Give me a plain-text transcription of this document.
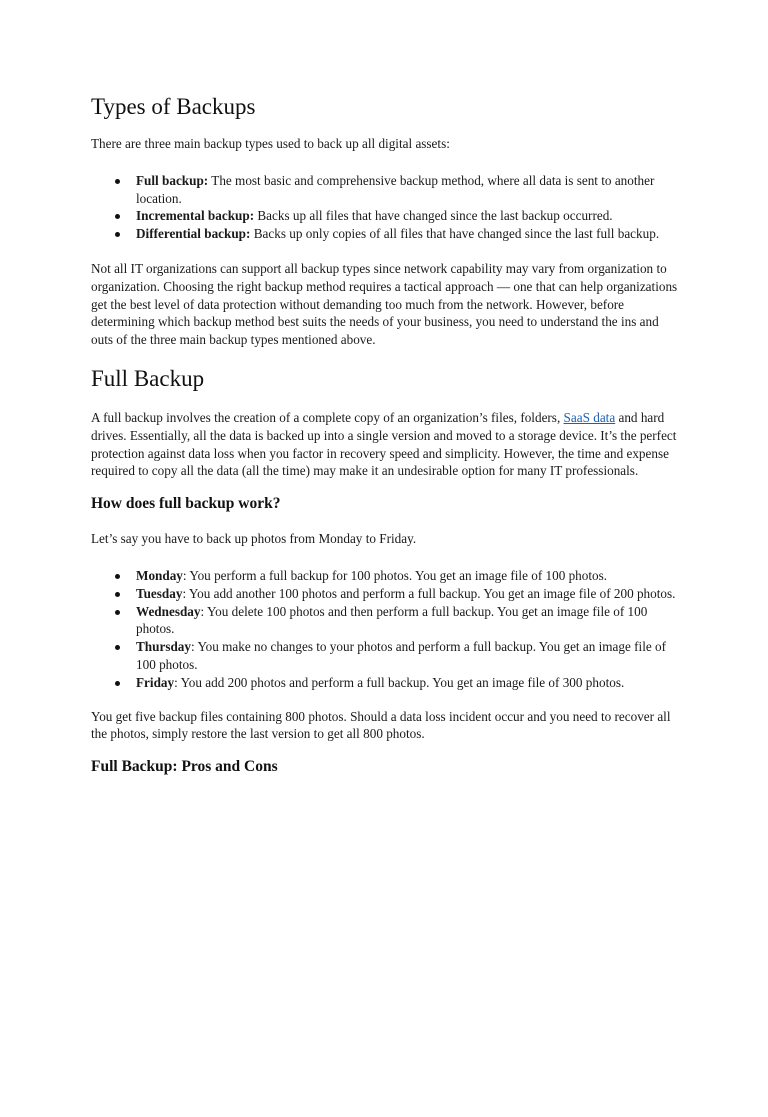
Types of Backups

There are three main backup types used to back up all digital assets:

Full backup: The most basic and comprehensive backup method, where all data is sent to another location.
Incremental backup: Backs up all files that have changed since the last backup occurred.
Differential backup: Backs up only copies of all files that have changed since the last full backup.

Not all IT organizations can support all backup types since network capability may vary from organization to organization. Choosing the right backup method requires a tactical approach — one that can help organizations get the best level of data protection without demanding too much from the network. However, before determining which backup method best suits the needs of your business, you need to understand the ins and outs of the three main backup types mentioned above.

Full Backup

A full backup involves the creation of a complete copy of an organization’s files, folders, SaaS data and hard drives. Essentially, all the data is backed up into a single version and moved to a storage device. It’s the perfect protection against data loss when you factor in recovery speed and simplicity. However, the time and expense required to copy all the data (all the time) may make it an undesirable option for many IT professionals.

How does full backup work?

Let’s say you have to back up photos from Monday to Friday.

Monday: You perform a full backup for 100 photos. You get an image file of 100 photos.
Tuesday: You add another 100 photos and perform a full backup. You get an image file of 200 photos.
Wednesday: You delete 100 photos and then perform a full backup. You get an image file of 100 photos.
Thursday: You make no changes to your photos and perform a full backup. You get an image file of 100 photos.
Friday: You add 200 photos and perform a full backup. You get an image file of 300 photos.

You get five backup files containing 800 photos. Should a data loss incident occur and you need to recover all the photos, simply restore the last version to get all 800 photos.

Full Backup: Pros and Cons
